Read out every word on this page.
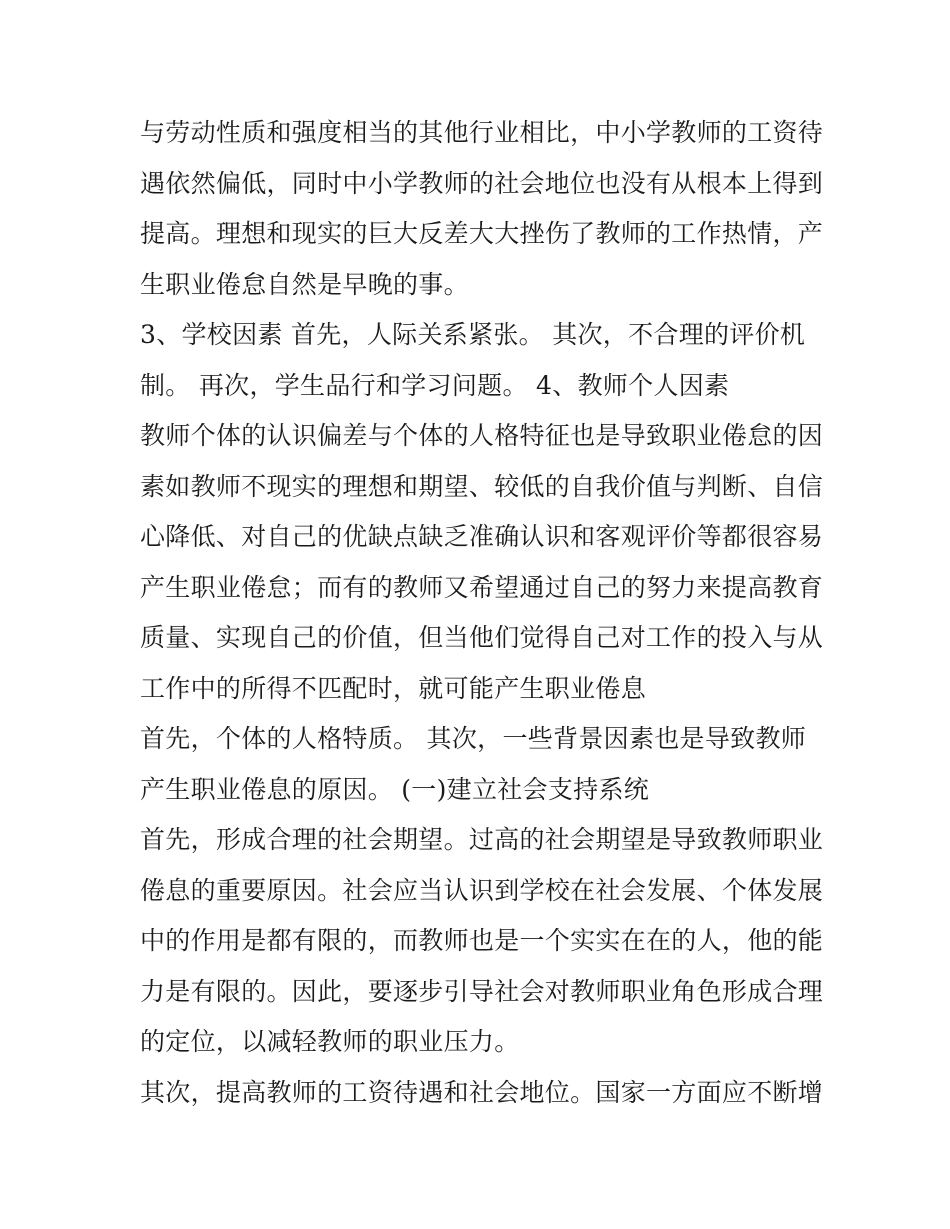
与劳动性质和强度相当的其他行业相比，中小学教师的工资待
遇依然偏低，同时中小学教师的社会地位也没有从根本上得到
提高。理想和现实的巨大反差大大挫伤了教师的工作热情，产
生职业倦怠自然是早晚的事。
3、学校因素 首先，人际关系紧张。 其次，不合理的评价机
制。 再次，学生品行和学习问题。 4、教师个人因素
教师个体的认识偏差与个体的人格特征也是导致职业倦怠的因
素如教师不现实的理想和期望、较低的自我价值与判断、自信
心降低、对自己的优缺点缺乏准确认识和客观评价等都很容易
产生职业倦怠；而有的教师又希望通过自己的努力来提高教育
质量、实现自己的价值，但当他们觉得自己对工作的投入与从
工作中的所得不匹配时，就可能产生职业倦息
首先，个体的人格特质。 其次，一些背景因素也是导致教师
产生职业倦息的原因。 (一)建立社会支持系统
首先，形成合理的社会期望。过高的社会期望是导致教师职业
倦息的重要原因。社会应当认识到学校在社会发展、个体发展
中的作用是都有限的，而教师也是一个实实在在的人，他的能
力是有限的。因此，要逐步引导社会对教师职业角色形成合理
的定位，以减轻教师的职业压力。
其次，提高教师的工资待遇和社会地位。国家一方面应不断增
